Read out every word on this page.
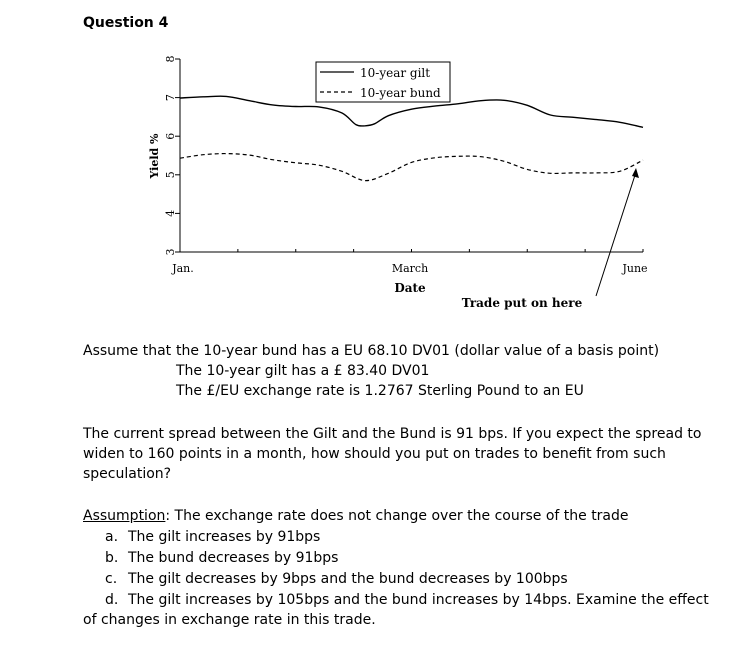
Question 4
3
4
5
6
7
8
Jan.	March	June
Yield %
Date
10-year gilt
10-year bund
Trade put on here
Assume that the 10-year bund has a EU 68.10 DV01 (dollar value of a basis point)
The 10-year gilt has a £ 83.40 DV01
The £/EU exchange rate is 1.2767 Sterling Pound to an EU
The current spread between the Gilt and the Bund is 91 bps. If you expect the spread to widen to 160 points in a month, how should you put on trades to benefit from such speculation?
Assumption: The exchange rate does not change over the course of the trade
a. The gilt increases by 91bps
b. The bund decreases by 91bps
c. The gilt decreases by 9bps and the bund decreases by 100bps
d. The gilt increases by 105bps and the bund increases by 14bps. Examine the effect
of changes in exchange rate in this trade.
